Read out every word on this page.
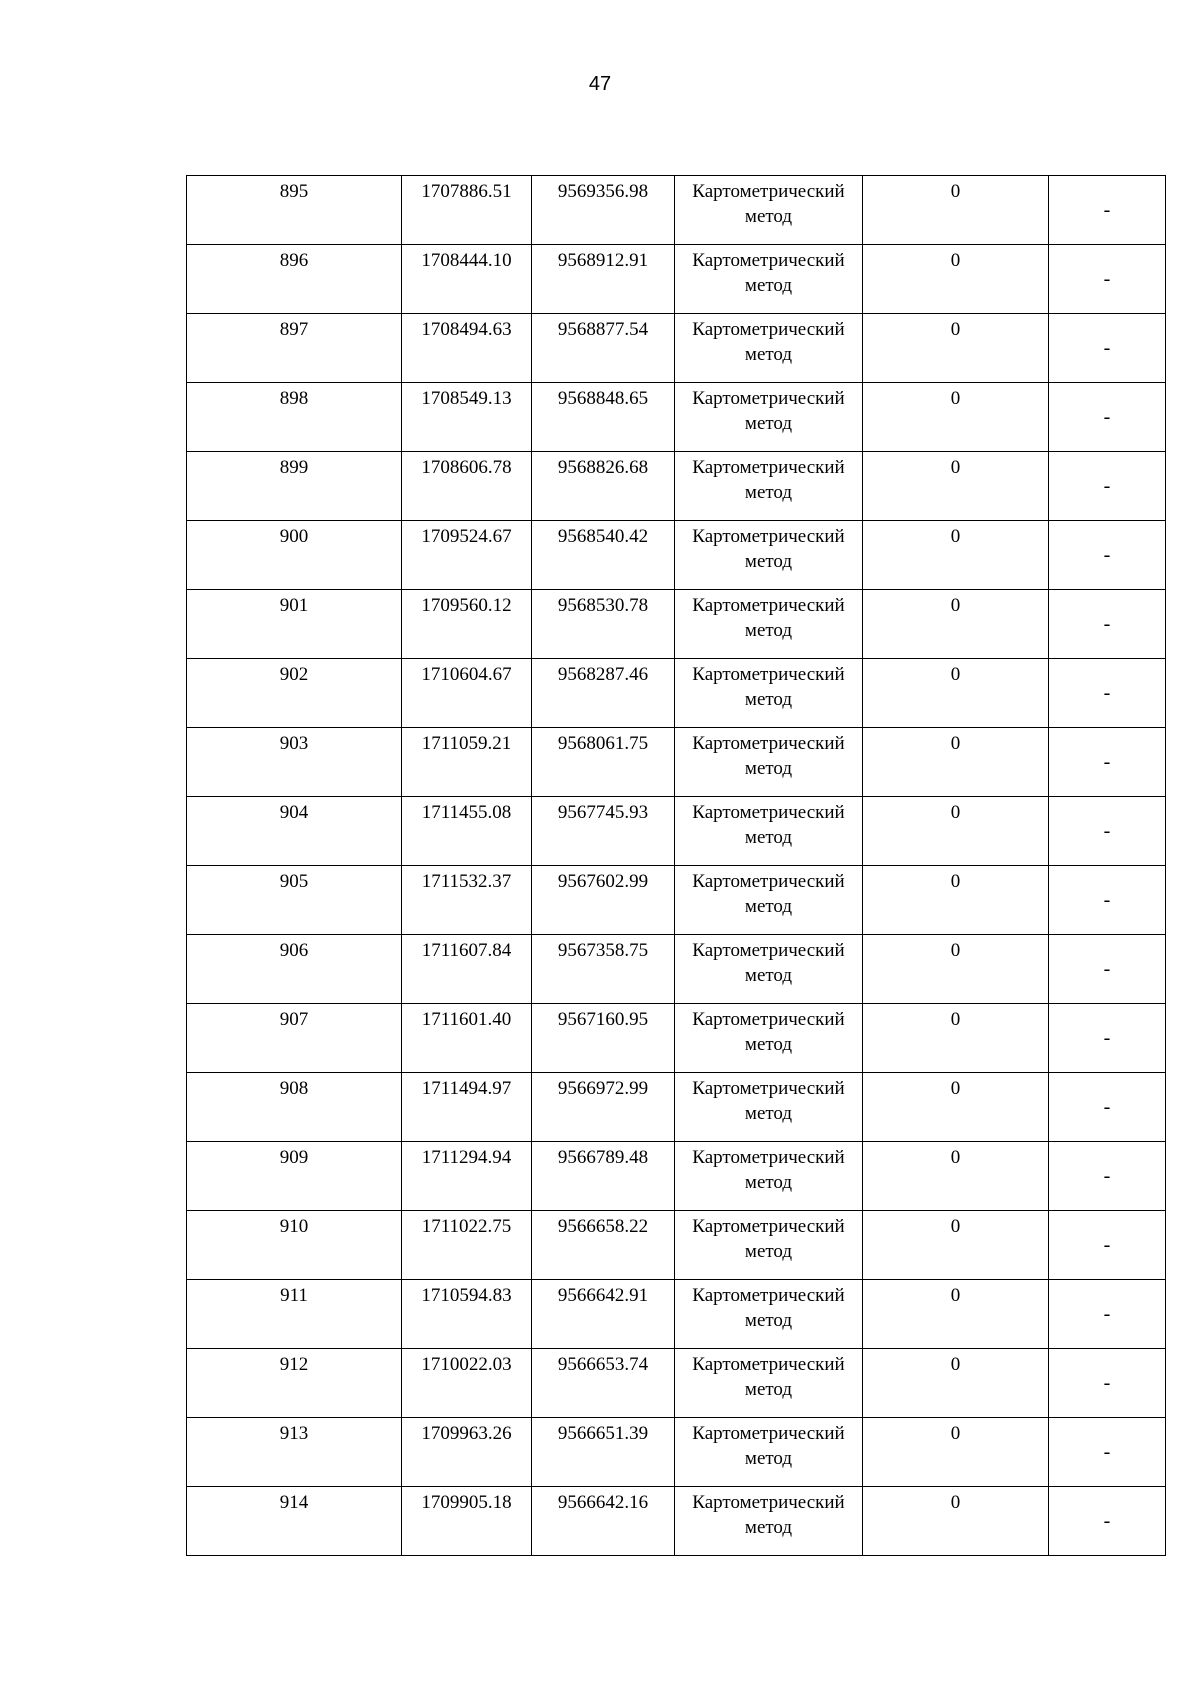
47
895	1707886.51	9569356.98	Картометрический метод	0	-

896	1708444.10	9568912.91	Картометрический метод	0	-

897	1708494.63	9568877.54	Картометрический метод	0	-

898	1708549.13	9568848.65	Картометрический метод	0	-

899	1708606.78	9568826.68	Картометрический метод	0	-

900	1709524.67	9568540.42	Картометрический метод	0	-

901	1709560.12	9568530.78	Картометрический метод	0	-

902	1710604.67	9568287.46	Картометрический метод	0	-

903	1711059.21	9568061.75	Картометрический метод	0	-

904	1711455.08	9567745.93	Картометрический метод	0	-

905	1711532.37	9567602.99	Картометрический метод	0	-

906	1711607.84	9567358.75	Картометрический метод	0	-

907	1711601.40	9567160.95	Картометрический метод	0	-

908	1711494.97	9566972.99	Картометрический метод	0	-

909	1711294.94	9566789.48	Картометрический метод	0	-

910	1711022.75	9566658.22	Картометрический метод	0	-

911	1710594.83	9566642.91	Картометрический метод	0	-

912	1710022.03	9566653.74	Картометрический метод	0	-

913	1709963.26	9566651.39	Картометрический метод	0	-

914	1709905.18	9566642.16	Картометрический метод	0	-
